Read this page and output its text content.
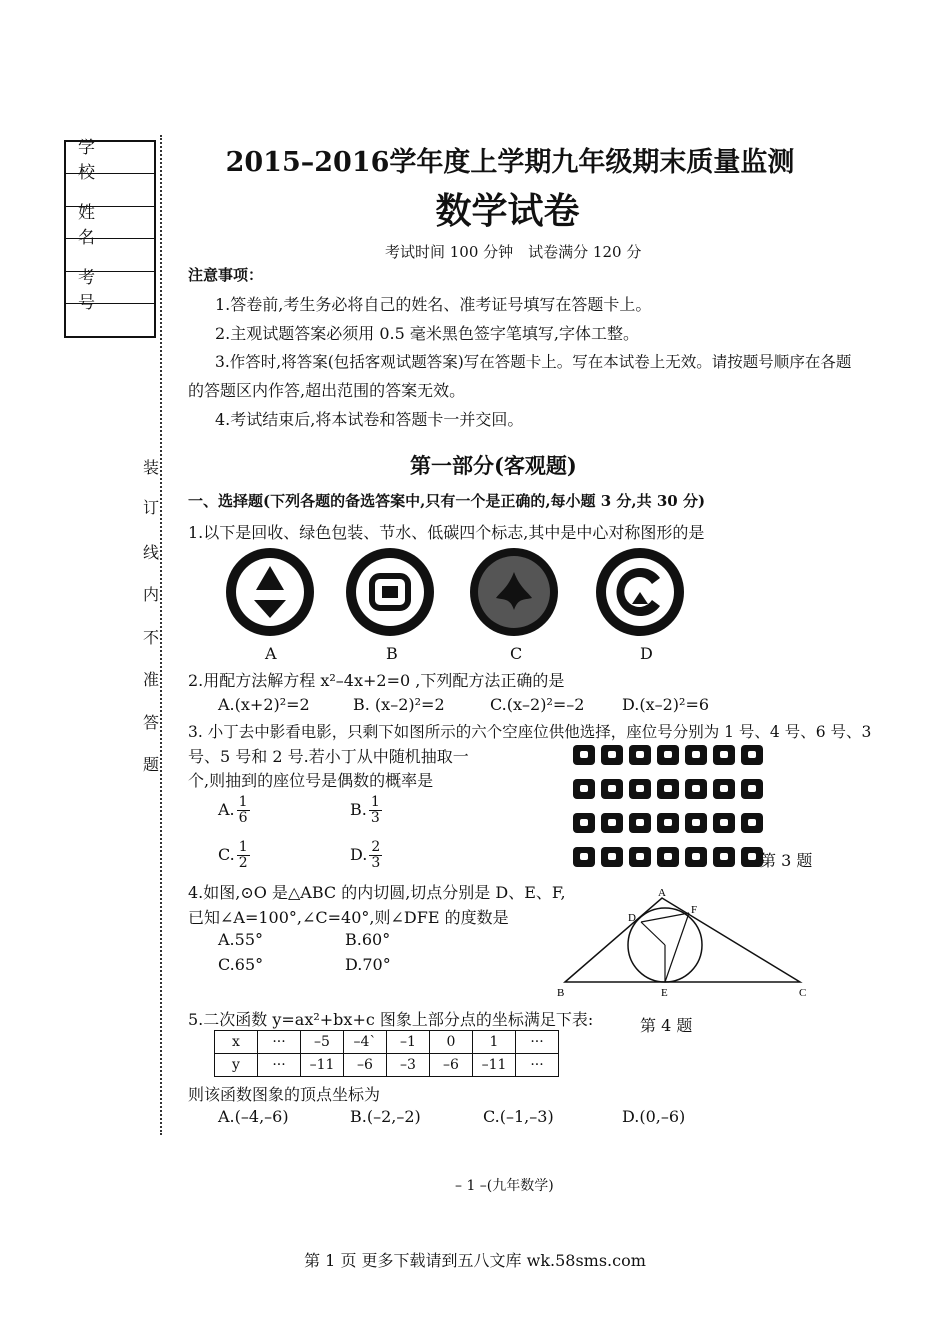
学 校
姓 名
考 号
装
订
线
内
不
准
答
题
2015–2016学年度上学期九年级期末质量监测
数学试卷
考试时间 100 分钟　试卷满分 120 分
注意事项：
1.答卷前,考生务必将自己的姓名、准考证号填写在答题卡上。
2.主观试题答案必须用 0.5 毫米黑色签字笔填写,字体工整。
3.作答时,将答案(包括客观试题答案)写在答题卡上。写在本试卷上无效。请按题号顺序在各题
的答题区内作答,超出范围的答案无效。
4.考试结束后,将本试卷和答题卡一并交回。
第一部分(客观题)
一、选择题(下列各题的备选答案中,只有一个是正确的,每小题 3 分,共 30 分)
1.以下是回收、绿色包装、节水、低碳四个标志,其中是中心对称图形的是
A	B	C	D
2.用配方法解方程 x²–4x+2=0 ,下列配方法正确的是
A.(x+2)²=2	B. (x–2)²=2	C.(x–2)²=–2 D.(x–2)²=6
3. 小丁去中影看电影，只剩下如图所示的六个空座位供他选择，座位号分别为 1 号、4 号、6 号、3
号、5 号和 2 号.若小丁从中随机抽取一
个,则抽到的座位号是偶数的概率是
A. $\frac{1}{6}$	B. $\frac{1}{3}$
C. $\frac{1}{2}$	D. $\frac{2}{3}$	第 3 题
4.如图,⊙O 是△ABC 的内切圆,切点分别是 D、E、F,
已知∠A=100°,∠C=40°,则∠DFE 的度数是
A.55°	B.60°
C.65°	D.70°
A
B	C
D
E
F
第 4 题
5.二次函数 y=ax²+bx+c 图象上部分点的坐标满足下表:
x	···	–5	–4`	–1	0	1	···
y	···	–11	–6	–3	–6	–11	···
则该函数图象的顶点坐标为
A.(–4,–6)	B.(–2,–2)	C.(–1,–3)	D.(0,–6)
– 1 –(九年数学)
第 1 页 更多下载请到五八文库 wk.58sms.com
